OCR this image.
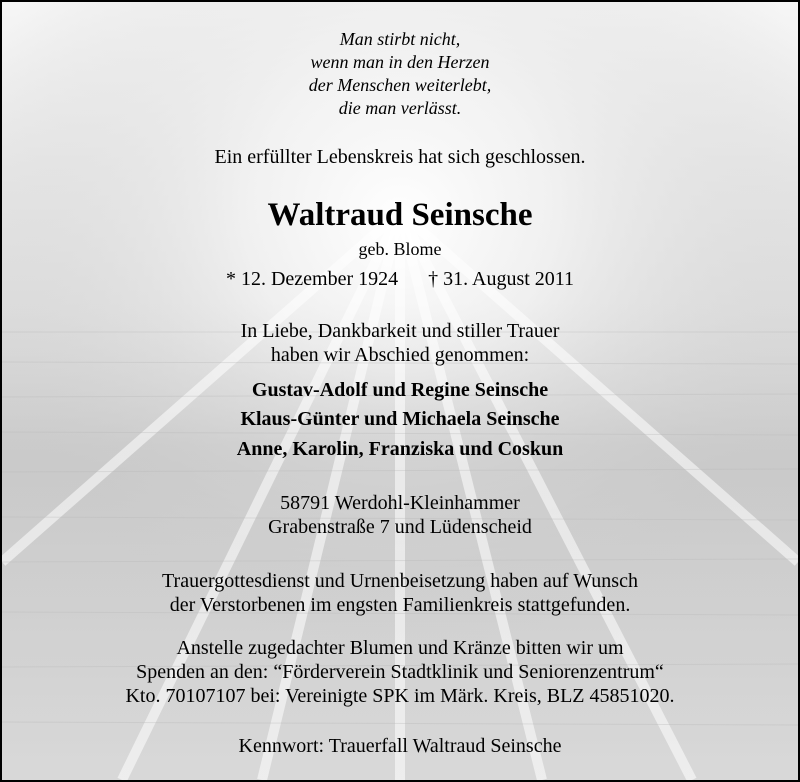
Man stirbt nicht,
wenn man in den Herzen
der Menschen weiterlebt,
die man verlässt.
Ein erfüllter Lebenskreis hat sich geschlossen.
Waltraud Seinsche
geb. Blome
* 12. Dezember 1924 † 31. August 2011
In Liebe, Dankbarkeit und stiller Trauer
haben wir Abschied genommen:
Gustav-Adolf und Regine Seinsche
Klaus-Günter und Michaela Seinsche
Anne, Karolin, Franziska und Coskun
58791 Werdohl-Kleinhammer
Grabenstraße 7 und Lüdenscheid
Trauergottesdienst und Urnenbeisetzung haben auf Wunsch
der Verstorbenen im engsten Familienkreis stattgefunden.
Anstelle zugedachter Blumen und Kränze bitten wir um
Spenden an den: “Förderverein Stadtklinik und Seniorenzentrum“
Kto. 70107107 bei: Vereinigte SPK im Märk. Kreis, BLZ 45851020.
Kennwort: Trauerfall Waltraud Seinsche
